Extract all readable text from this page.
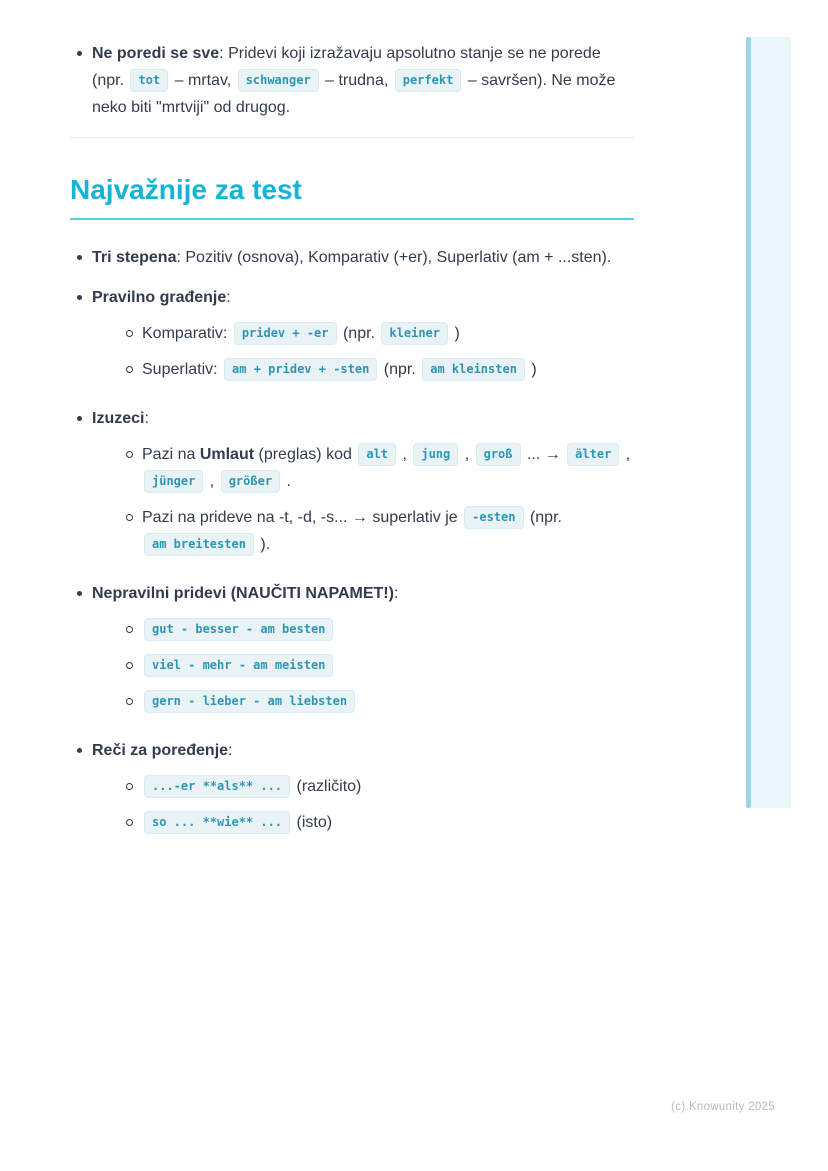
Ne poredi se sve: Pridevi koji izražavaju apsolutno stanje se ne porede (npr. tot – mrtav, schwanger – trudna, perfekt – savršen). Ne može neko biti "mrtviji" od drugog.
Najvažnije za test
Tri stepena: Pozitiv (osnova), Komparativ (+er), Superlativ (am + ...sten).
Pravilno građenje:
Komparativ: pridev + -er (npr. kleiner )
Superlativ: am + pridev + -sten (npr. am kleinsten )
Izuzeci:
Pazi na Umlaut (preglas) kod alt , jung , groß ... → älter , jünger , größer .
Pazi na prideve na -t, -d, -s... → superlativ je -esten (npr. am breitesten ).
Nepravilni pridevi (NAUČITI NAPAMET!):
gut - besser - am besten
viel - mehr - am meisten
gern - lieber - am liebsten
Reči za poređenje:
...-er **als** ... (različito)
so ... **wie** ... (isto)
(c) Knowunity 2025
